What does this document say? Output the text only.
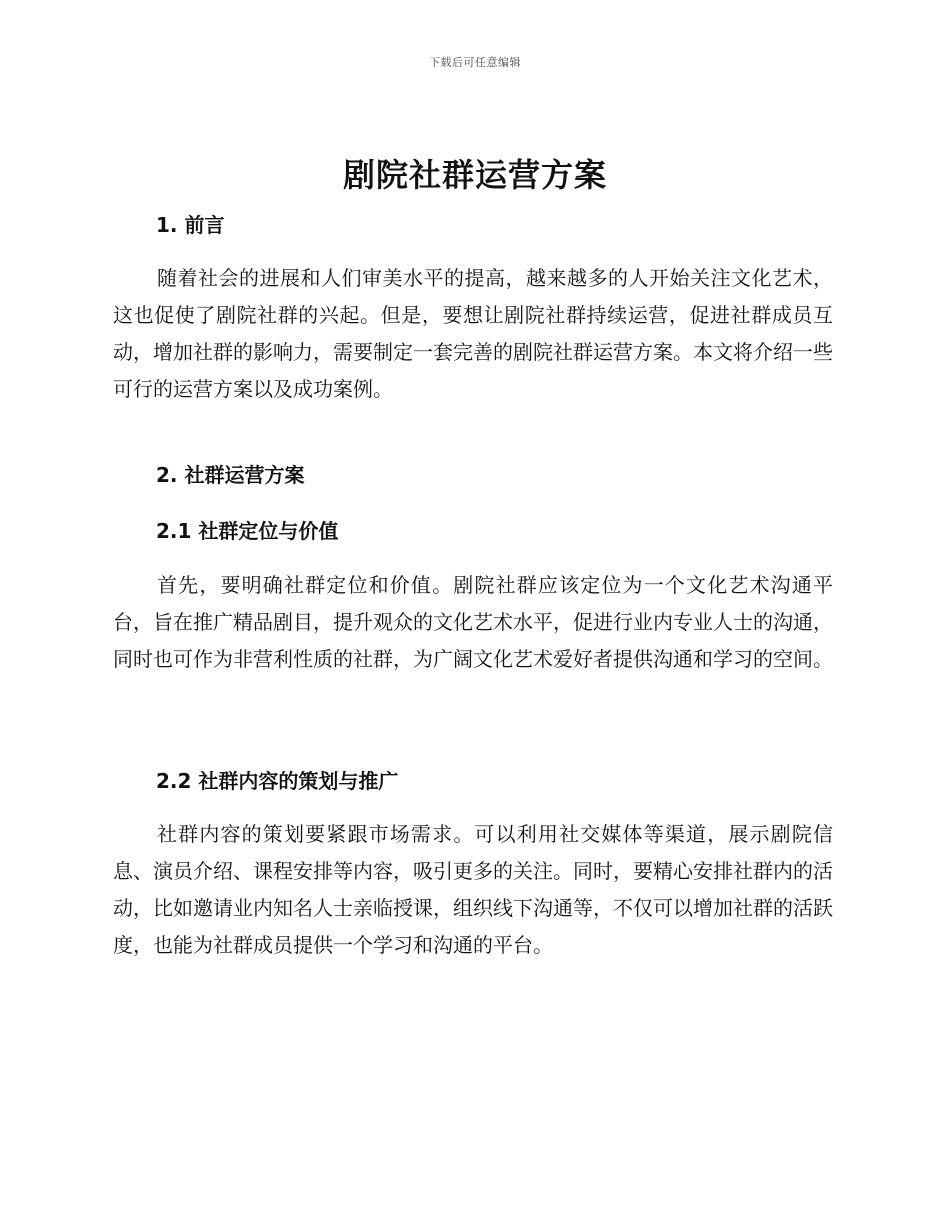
下载后可任意编辑
剧院社群运营方案
1. 前言

随着社会的进展和人们审美水平的提高，越来越多的人开始关注文化艺术，这也促使了剧院社群的兴起。但是，要想让剧院社群持续运营，促进社群成员互动，增加社群的影响力，需要制定一套完善的剧院社群运营方案。本文将介绍一些可行的运营方案以及成功案例。

2. 社群运营方案
2.1 社群定位与价值

首先，要明确社群定位和价值。剧院社群应该定位为一个文化艺术沟通平台，旨在推广精品剧目，提升观众的文化艺术水平，促进行业内专业人士的沟通，同时也可作为非营利性质的社群，为广阔文化艺术爱好者提供沟通和学习的空间。

2.2 社群内容的策划与推广

社群内容的策划要紧跟市场需求。可以利用社交媒体等渠道，展示剧院信息、演员介绍、课程安排等内容，吸引更多的关注。同时，要精心安排社群内的活动，比如邀请业内知名人士亲临授课，组织线下沟通等，不仅可以增加社群的活跃度，也能为社群成员提供一个学习和沟通的平台。
